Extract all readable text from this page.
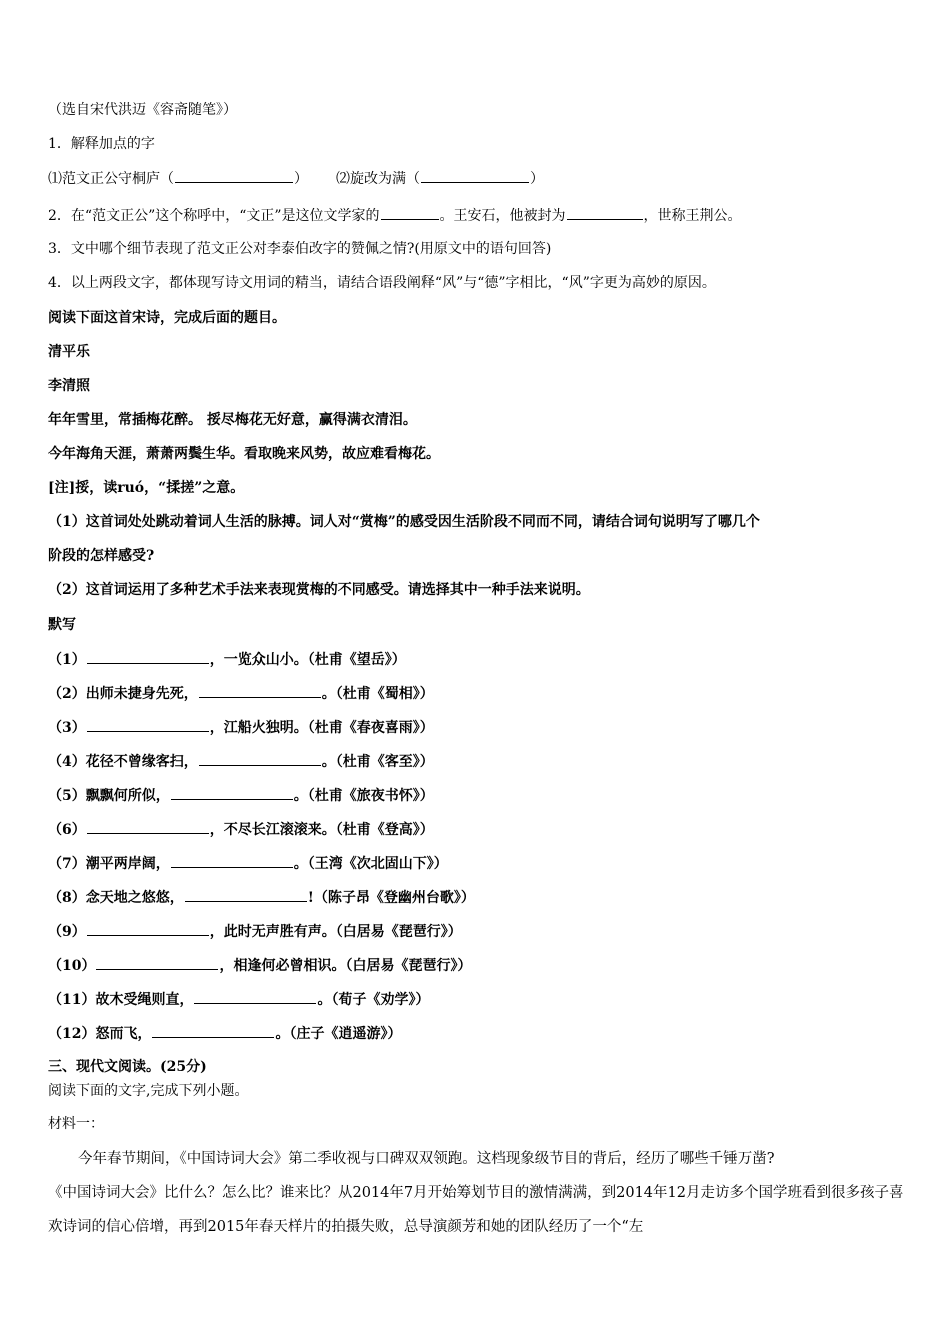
（选自宋代洪迈《容斋随笔》）
1．解释加点的字
⑴范文正公守桐庐（	） ⑵旋改为满（	）
2．在“范文正公”这个称呼中，“文正”是这位文学家的	。王安石，他被封为	，世称王荆公。
3．文中哪个细节表现了范文正公对李泰伯改字的赞佩之情?(用原文中的语句回答)
4．以上两段文字，都体现写诗文用词的精当，请结合语段阐释“风”与“德”字相比，“风”字更为高妙的原因。
阅读下面这首宋诗，完成后面的题目。
清平乐
李清照
年年雪里，常插梅花醉。 挼尽梅花无好意，赢得满衣清泪。
今年海角天涯，萧萧两鬓生华。看取晚来风势，故应难看梅花。
[注]挼，读ruó，“揉搓”之意。
（1）这首词处处跳动着词人生活的脉搏。词人对“赏梅”的感受因生活阶段不同而不同，请结合词句说明写了哪几个
阶段的怎样感受?
（2）这首词运用了多种艺术手法来表现赏梅的不同感受。请选择其中一种手法来说明。
默写
（1）	，一览众山小。（杜甫《望岳》）
（2）出师未捷身先死，	。（杜甫《蜀相》）
（3）	，江船火独明。（杜甫《春夜喜雨》）
（4）花径不曾缘客扫，	。（杜甫《客至》）
（5）飘飘何所似，	。（杜甫《旅夜书怀》）
（6）	，不尽长江滚滚来。（杜甫《登高》）
（7）潮平两岸阔，	。（王湾《次北固山下》）
（8）念天地之悠悠，	!（陈子昂《登幽州台歌》）
（9）	，此时无声胜有声。（白居易《琵琶行》）
（10）	，相逢何必曾相识。（白居易《琵琶行》）
（11）故木受绳则直，	。（荀子《劝学》）
（12）怒而飞，	。（庄子《逍遥游》）
三、现代文阅读。(25分)
阅读下面的文字,完成下列小题。
材料一：
今年春节期间，《中国诗词大会》第二季收视与口碑双双领跑。这档现象级节目的背后，经历了哪些千锤万凿?
《中国诗词大会》比什么？怎么比？谁来比？从2014年7月开始筹划节目的激情满满，到2014年12月走访多个国学班看到很多孩子喜欢诗词的信心倍增，再到2015年春天样片的拍摄失败，总导演颜芳和她的团队经历了一个“左
